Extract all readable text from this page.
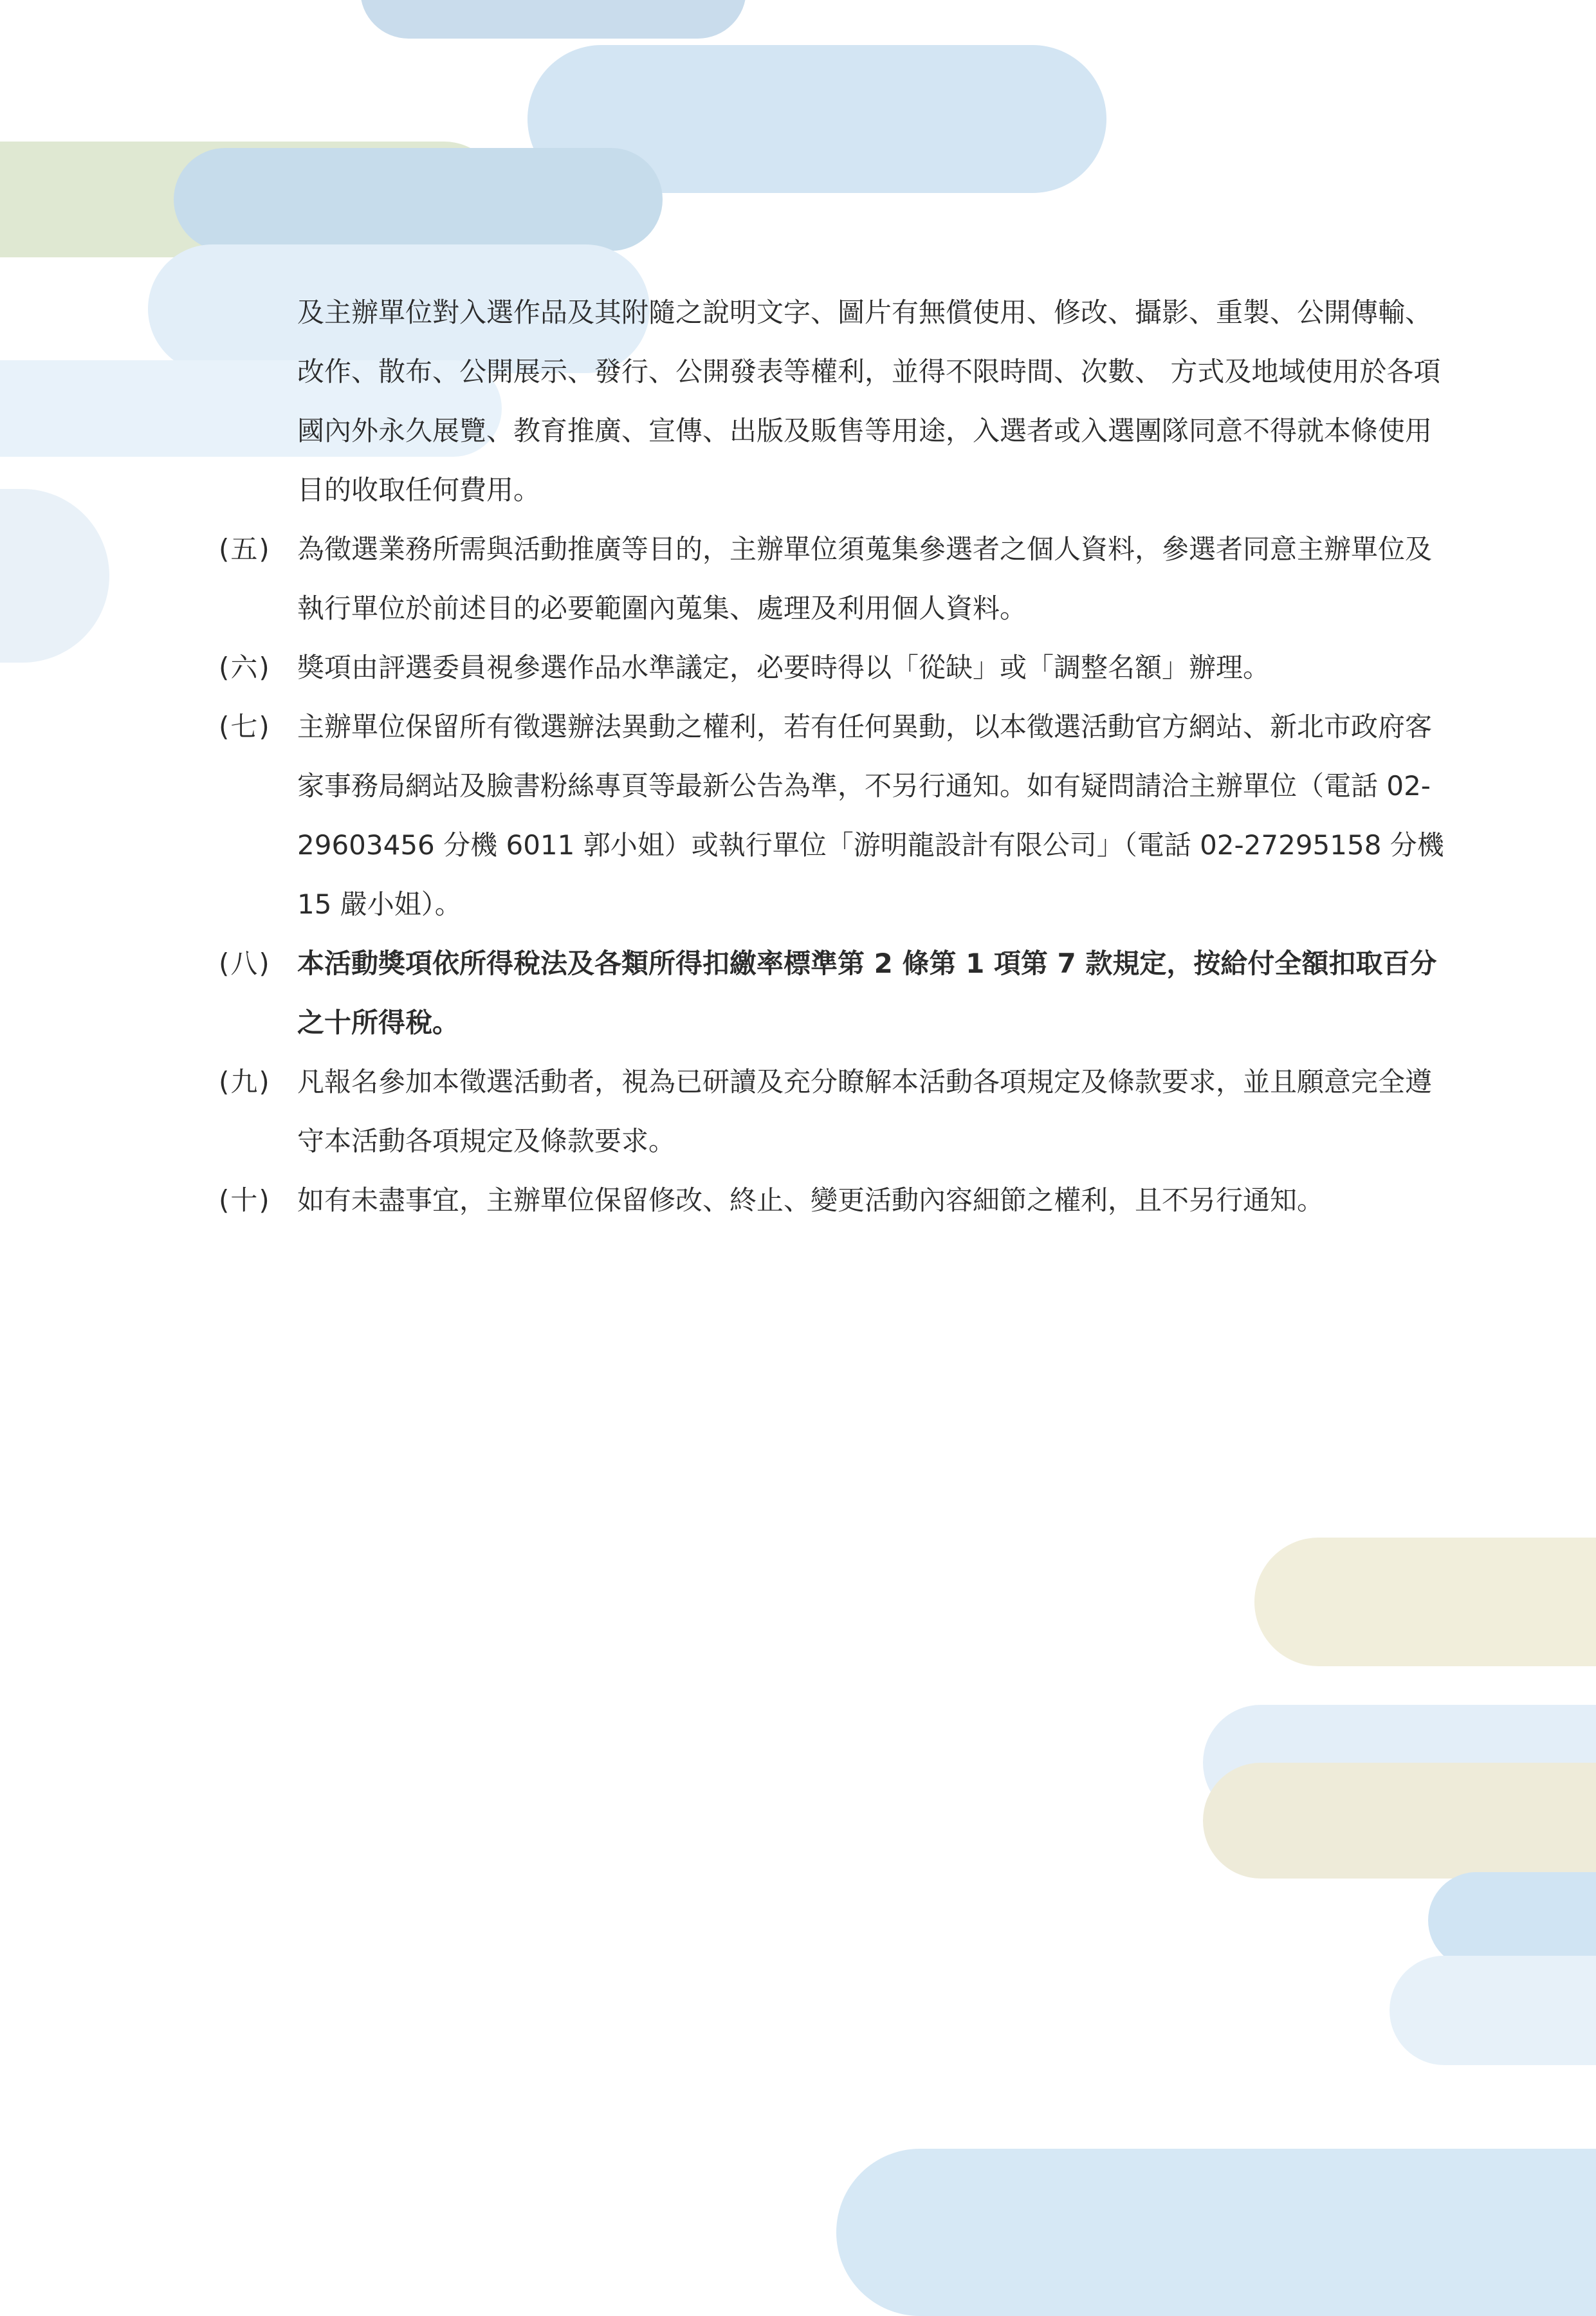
及主辦單位對入選作品及其附隨之說明文字、圖片有無償使用、修改、攝影、重製、公開傳輸、改作、散布、公開展示、發行、公開發表等權利，並得不限時間、次數、 方式及地域使用於各項國內外永久展覽、教育推廣、宣傳、出版及販售等用途，入選者或入選團隊同意不得就本條使用目的收取任何費用。
(五) 為徵選業務所需與活動推廣等目的，主辦單位須蒐集參選者之個人資料，參選者同意主辦單位及執行單位於前述目的必要範圍內蒐集、處理及利用個人資料。
(六) 獎項由評選委員視參選作品水準議定，必要時得以「從缺」或「調整名額」辦理。
(七) 主辦單位保留所有徵選辦法異動之權利，若有任何異動，以本徵選活動官方網站、新北市政府客家事務局網站及臉書粉絲專頁等最新公告為準，不另行通知。如有疑問請洽主辦單位（電話 02-29603456 分機 6011 郭小姐）或執行單位「游明龍設計有限公司」（電話 02-27295158 分機 15 嚴小姐）。
(八) 本活動獎項依所得稅法及各類所得扣繳率標準第 2 條第 1 項第 7 款規定，按給付全額扣取百分之十所得稅。
(九) 凡報名參加本徵選活動者，視為已研讀及充分瞭解本活動各項規定及條款要求，並且願意完全遵守本活動各項規定及條款要求。
(十) 如有未盡事宜，主辦單位保留修改、終止、變更活動內容細節之權利，且不另行通知。
